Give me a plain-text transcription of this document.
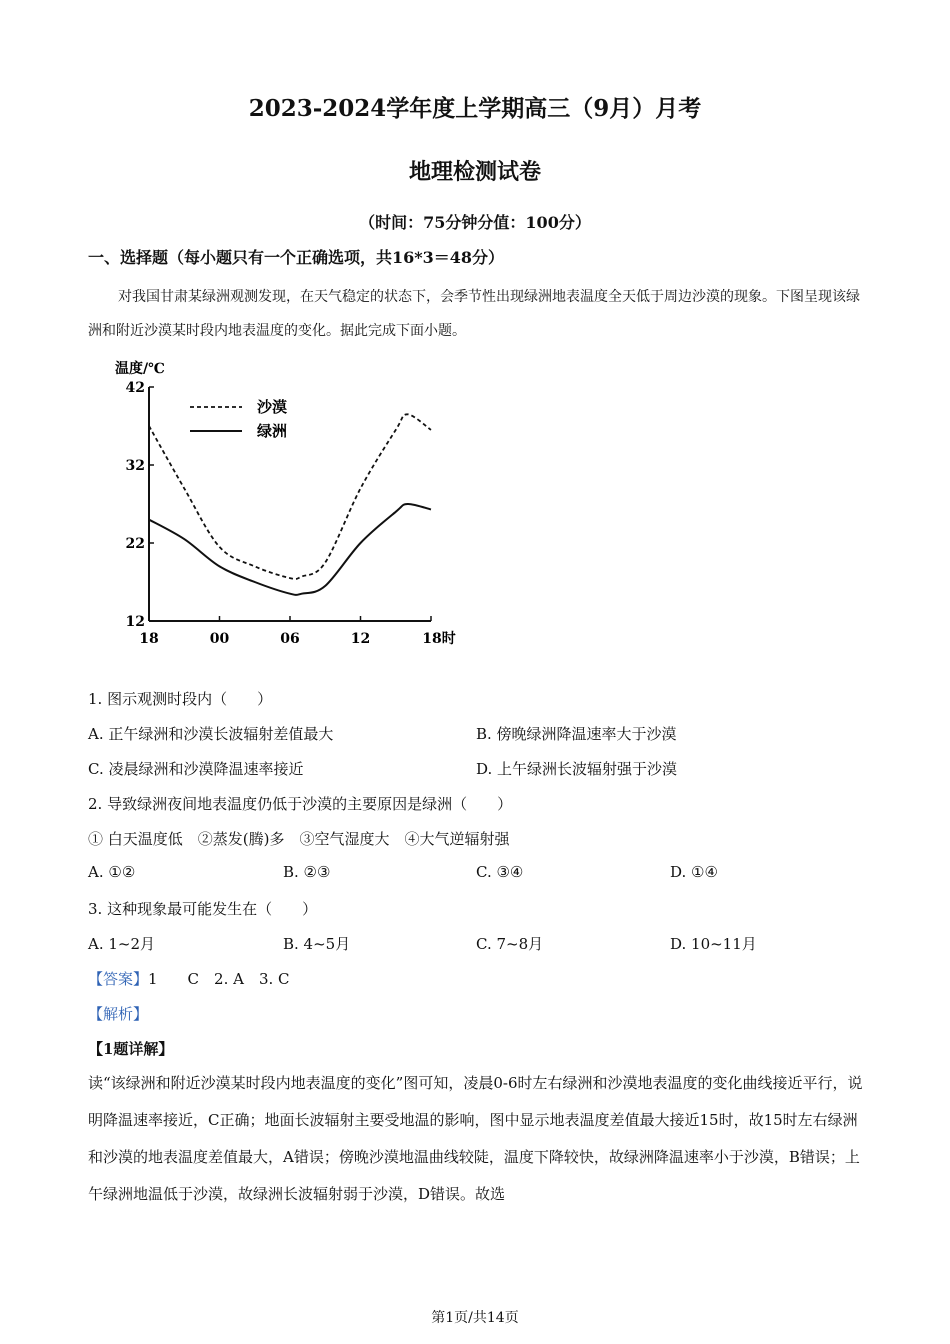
2023-2024学年度上学期高三（9月）月考
地理检测试卷
（时间：75分钟分值：100分）
一、选择题（每小题只有一个正确选项，共16*3＝48分）
对我国甘肃某绿洲观测发现，在天气稳定的状态下，会季节性出现绿洲地表温度全天低于周边沙漠的现象。下图呈现该绿洲和附近沙漠某时段内地表温度的变化。据此完成下面小题。
温度/℃
42
32
22
12
18	00	06	12	18时
沙漠
绿洲
1. 图示观测时段内（　　）
A. 正午绿洲和沙漠长波辐射差值最大	B. 傍晚绿洲降温速率大于沙漠
C. 凌晨绿洲和沙漠降温速率接近	D. 上午绿洲长波辐射强于沙漠
2. 导致绿洲夜间地表温度仍低于沙漠的主要原因是绿洲（　　）
① 白天温度低　②蒸发(腾)多　③空气湿度大　④大气逆辐射强
A. ①②	B. ②③	C. ③④	D. ①④
3. 这种现象最可能发生在（　　）
A. 1~2月	B. 4~5月	C. 7~8月	D. 10~11月
【答案】1　　C　2. A　3. C
【解析】
【1题详解】
读“该绿洲和附近沙漠某时段内地表温度的变化”图可知，凌晨0-6时左右绿洲和沙漠地表温度的变化曲线接近平行，说明降温速率接近，C正确；地面长波辐射主要受地温的影响，图中显示地表温度差值最大接近15时，故15时左右绿洲和沙漠的地表温度差值最大，A错误；傍晚沙漠地温曲线较陡，温度下降较快，故绿洲降温速率小于沙漠，B错误；上午绿洲地温低于沙漠，故绿洲长波辐射弱于沙漠，D错误。故选
第1页/共14页
